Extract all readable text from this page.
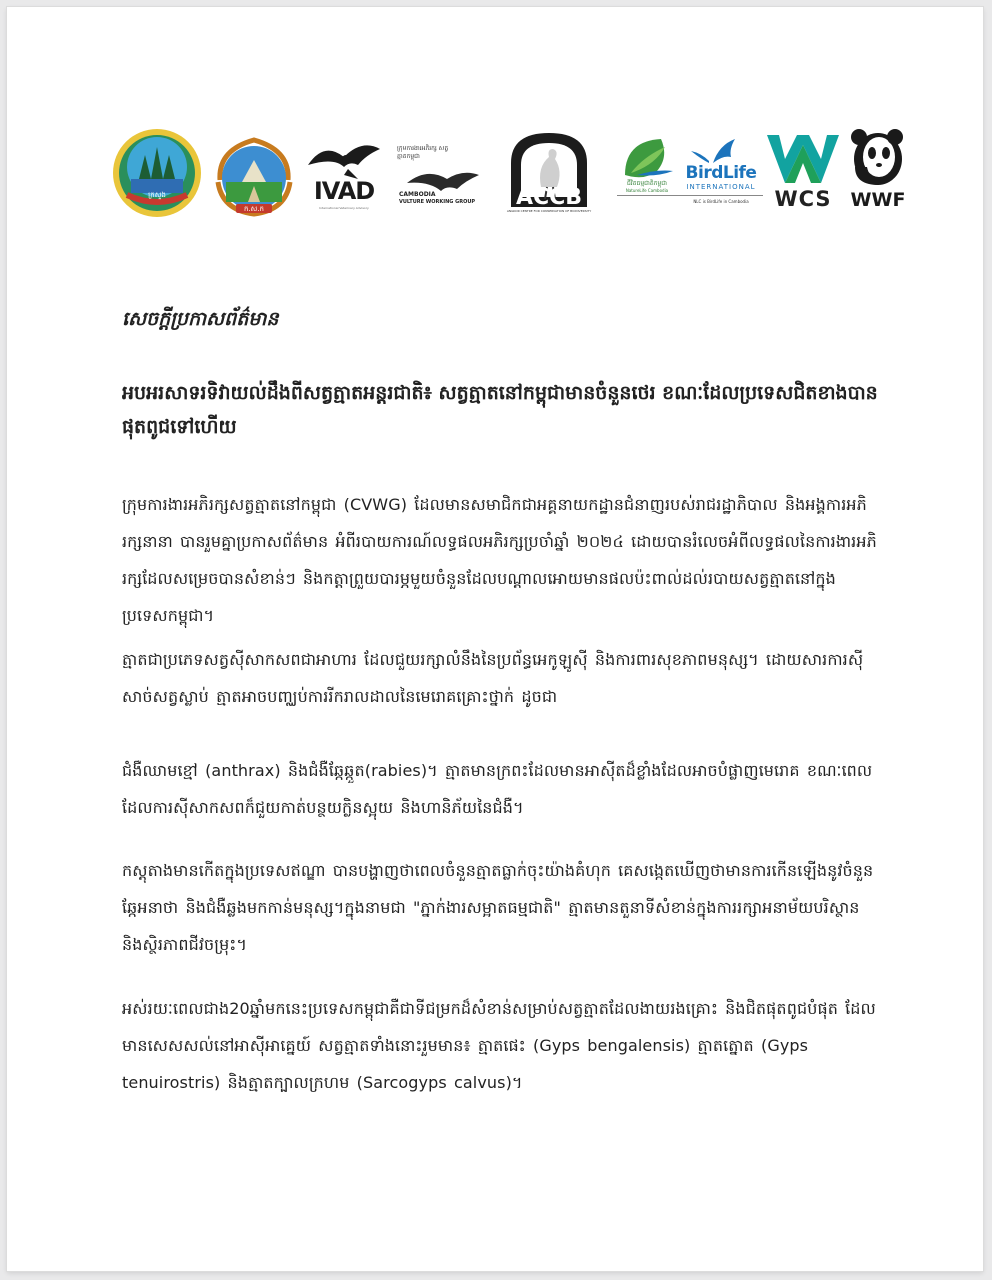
ក្រសួង
ក.ស.ក
IVAD
International Veterinary Advisory
ក្រុមការងារអភិរក្ស សត្វត្មាតកម្ពុជា
CAMBODIA
VULTURE WORKING GROUP	ACCB
ANGKOR CENTRE FOR CONSERVATION OF BIODIVERSITY
ជីវិតធម្មជាតិកម្ពុជា
NatureLife Cambodia
BirdLife
INTERNATIONAL
NLC is BirdLife in Cambodia	WCS	WWF

សេចក្តីប្រកាសព័ត៌មាន

អបអរសាទរទិវាយល់ដឹងពីសត្វត្មាតអន្តរជាតិ៖ សត្វត្មាតនៅកម្ពុជាមានចំនួនថេរ ខណៈដែលប្រទេសជិតខាងបានផុតពូជទៅហើយ

ក្រុមការងារអភិរក្សសត្វត្មាតនៅកម្ពុជា (CVWG) ដែលមានសមាជិកជាអគ្គនាយកដ្ឋានជំនាញរបស់រាជរដ្ឋាភិបាល និងអង្គការអភិរក្សនានា បានរួមគ្នាប្រកាសព័ត៌មាន អំពីរបាយការណ៍លទ្ធផលអភិរក្សប្រចាំឆ្នាំ ២០២៤ ដោយបានរំលេចអំពីលទ្ធផលនៃការងារអភិរក្សដែលសម្រេចបានសំខាន់ៗ និងកត្តាព្រួយបារម្ភមួយចំនួនដែលបណ្តាលអោយមានផលប៉ះពាល់ដល់របាយសត្វត្មាតនៅក្នុងប្រទេសកម្ពុជា។

ត្មាតជាប្រភេទសត្វស៊ីសាកសពជាអាហារ ដែលជួយរក្សាលំនឹងនៃប្រព័ន្ធអេកូឡូស៊ី និងការពារសុខភាពមនុស្ស។ ដោយសារការស៊ីសាច់សត្វស្លាប់ ត្មាតអាចបញ្ឈប់ការរីករាលដាលនៃមេរោគគ្រោះថ្នាក់ ដូចជា

ជំងឺឈាមខ្មៅ (anthrax) និងជំងឺឆ្កែឆ្កួត(rabies)។ ត្មាតមានក្រពះដែលមានអាស៊ីតដ៏ខ្លាំងដែលអាចបំផ្លាញមេរោគ ខណៈពេលដែលការស៊ីសាកសពក៏ជួយកាត់បន្ថយក្លិនស្អុយ និងហានិភ័យនៃជំងឺ។

កស្តុតាងមានកើតក្នុងប្រទេសឥណ្ឌា បានបង្ហាញថាពេលចំនួនត្មាតធ្លាក់ចុះយ៉ាងគំហុក គេសង្កេតឃើញថាមានការកើនឡើងនូវចំនួនឆ្កែអនាថា និងជំងឺឆ្លងមកកាន់មនុស្ស។ក្នុងនាមជា "ភ្នាក់ងារសម្អាតធម្មជាតិ" ត្មាតមានតួនាទីសំខាន់ក្នុងការរក្សាអនាម័យបរិស្ថាន និងស្ថិរភាពជីវចម្រុះ។

អស់រយៈពេលជាង20ឆ្នាំមកនេះប្រទេសកម្ពុជាគឺជាទីជម្រកដ៏សំខាន់សម្រាប់សត្វត្មាតដែលងាយរងគ្រោះ និងជិតផុតពូជបំផុត ដែលមានសេសសល់នៅអាស៊ីអាគ្នេយ៍ សត្វត្មាតទាំងនោះរួមមាន៖ ត្មាតផេះ (Gyps bengalensis) ត្មាតត្នោត (Gyps tenuirostris) និងត្មាតក្បាលក្រហម (Sarcogyps calvus)។
